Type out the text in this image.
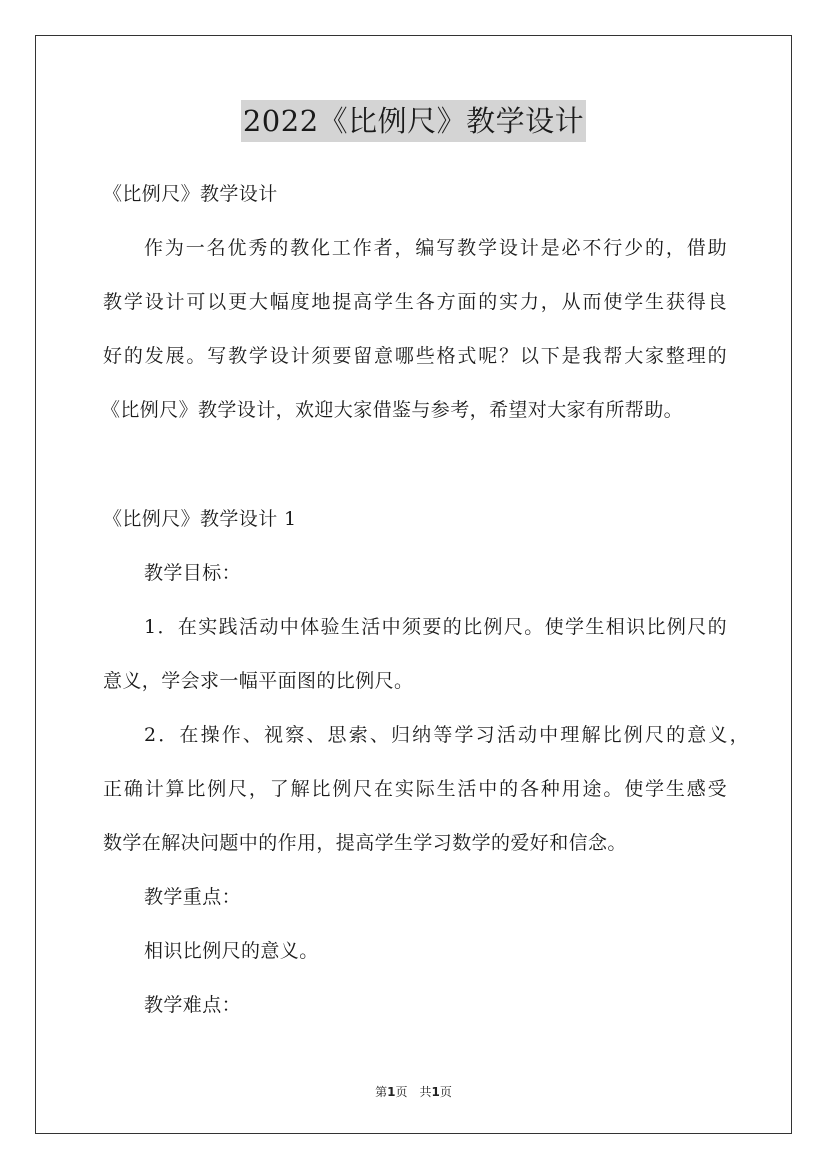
2022《比例尺》教学设计
《比例尺》教学设计
作为一名优秀的教化工作者，编写教学设计是必不行少的，借助
教学设计可以更大幅度地提高学生各方面的实力，从而使学生获得良
好的发展。写教学设计须要留意哪些格式呢？以下是我帮大家整理的
《比例尺》教学设计，欢迎大家借鉴与参考，希望对大家有所帮助。
《比例尺》教学设计 1
教学目标：
1．在实践活动中体验生活中须要的比例尺。使学生相识比例尺的
意义，学会求一幅平面图的比例尺。
2．在操作、视察、思索、归纳等学习活动中理解比例尺的意义，
正确计算比例尺，了解比例尺在实际生活中的各种用途。使学生感受
数学在解决问题中的作用，提高学生学习数学的爱好和信念。
教学重点：
相识比例尺的意义。
教学难点：
第1页　共1页
